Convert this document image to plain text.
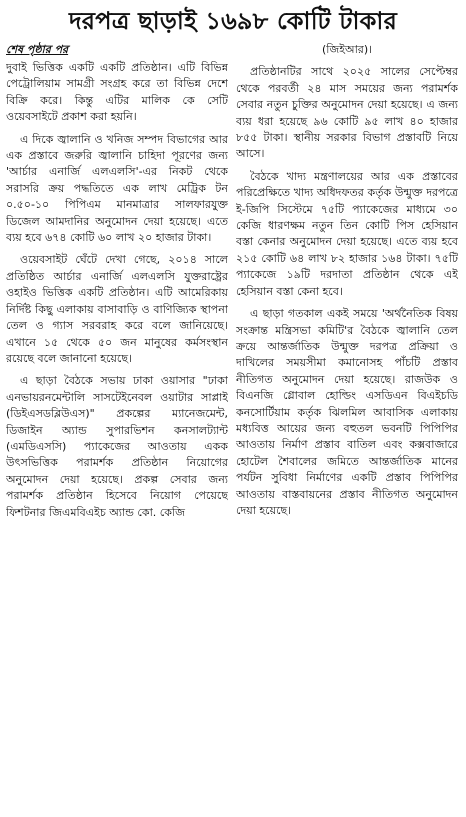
দরপত্র ছাড়াই ১৬৯৮ কোটি টাকার
শেষ পৃষ্ঠার পর
দুবাই ভিত্তিক একটি একটি প্রতিষ্ঠান। এটি বিভিন্ন পেট্রোলিয়াম সামগ্রী সংগ্রহ করে তা বিভিন্ন দেশে বিক্রি করে। কিন্তু এটির মালিক কে সেটি ওয়েবসাইটে প্রকাশ করা হয়নি।
এ দিকে জ্বালানি ও খনিজ সম্পদ বিভাগের আর এক প্রস্তাবে জরুরি জ্বালানি চাহিদা পূরণের জন্য 'আর্চার এনার্জি এলএলসি'-এর নিকট থেকে সরাসরি ক্রয় পদ্ধতিতে এক লাখ মেট্রিক টন ০.৫০-১০ পিপিএম মানমাত্রার সালফারযুক্ত ডিজেল আমদানির অনুমোদন দেয়া হয়েছে। এতে ব্যয় হবে ৬৭৪ কোটি ৬০ লাখ ২০ হাজার টাকা।
ওয়েবসাইট ঘেঁটে দেখা গেছে, ২০১৪ সালে প্রতিষ্ঠিত আর্চার এনার্জি এলএলসি যুক্তরাষ্ট্রের ওহাইও ভিত্তিক একটি প্রতিষ্ঠান। এটি আমেরিকায় নির্দিষ্ট কিছু এলাকায় বাসাবাড়ি ও বাণিজ্যিক স্থাপনা তেল ও গ্যাস সরবরাহ করে বলে জানিয়েছে। এখানে ১৫ থেকে ৫০ জন মানুষের কর্মসংস্থান রয়েছে বলে জানানো হয়েছে।
এ ছাড়া বৈঠকে সভায় ঢাকা ওয়াসার "ঢাকা এনভায়রনমেন্টালি সাসটেইনেবল ওয়াটার সাপ্লাই (ডিইএসডব্লিউএস)" প্রকল্পের ম্যানেজমেন্ট, ডিজাইন অ্যান্ড সুপারভিশন কনসালট্যান্ট (এমডিএসসি) প্যাকেজের আওতায় একক উৎসভিত্তিক পরামর্শক প্রতিষ্ঠান নিয়োগের অনুমোদন দেয়া হয়েছে। প্রকল্প সেবার জন্য পরামর্শক প্রতিষ্ঠান হিসেবে নিয়োগ পেয়েছে ফিশটনার জিএমবিএইচ অ্যান্ড কো. কেজি
(জিইআর)।
প্রতিষ্ঠানটির সাথে ২০২৫ সালের সেপ্টেম্বর থেকে পরবর্তী ২৪ মাস সময়ের জন্য পরামর্শক সেবার নতুন চুক্তির অনুমোদন দেয়া হয়েছে। এ জন্য ব্যয় ধরা হয়েছে ৯৬ কোটি ৯৫ লাখ ৪০ হাজার ৮৫৫ টাকা। স্থানীয় সরকার বিভাগ প্রস্তাবটি নিয়ে আসে।
বৈঠকে খাদ্য মন্ত্রণালয়ের আর এক প্রস্তাবের পরিপ্রেক্ষিতে খাদ্য অধিদফতর কর্তৃক উন্মুক্ত দরপত্রে ই-জিপি সিস্টেমে ৭৫টি প্যাকেজের মাধ্যমে ৩০ কেজি ধারণক্ষম নতুন তিন কোটি পিস হেসিয়ান বস্তা কেনার অনুমোদন দেয়া হয়েছে। এতে ব্যয় হবে ২১৫ কোটি ৬৪ লাখ ৮২ হাজার ১৬৪ টাকা। ৭৫টি প্যাকেজে ১৯টি দরদাতা প্রতিষ্ঠান থেকে এই হেসিয়ান বস্তা কেনা হবে।
এ ছাড়া গতকাল একই সময়ে 'অর্থনৈতিক বিষয় সংক্রান্ত মন্ত্রিসভা কমিটি'র বৈঠকে জ্বালানি তেল ক্রয়ে আন্তর্জাতিক উন্মুক্ত দরপত্র প্রক্রিয়া ও দাখিলের সময়সীমা কমানোসহ পাঁচটি প্রস্তাব নীতিগত অনুমোদন দেয়া হয়েছে। রাজউক ও বিএনজি গ্লোবাল হোল্ডিং এসডিএন বিএইচডি কনসোর্টিয়াম কর্তৃক ঝিলমিল আবাসিক এলাকায় মধ্যবিত্ত আয়ের জন্য বহুতল ভবনটি পিপিপির আওতায় নির্মাণ প্রস্তাব বাতিল এবং কক্সবাজারে হোটেল শৈবালের জমিতে আন্তর্জাতিক মানের পর্যটন সুবিধা নির্মাণের একটি প্রস্তাব পিপিপির আওতায় বাস্তবায়নের প্রস্তাব নীতিগত অনুমোদন দেয়া হয়েছে।
